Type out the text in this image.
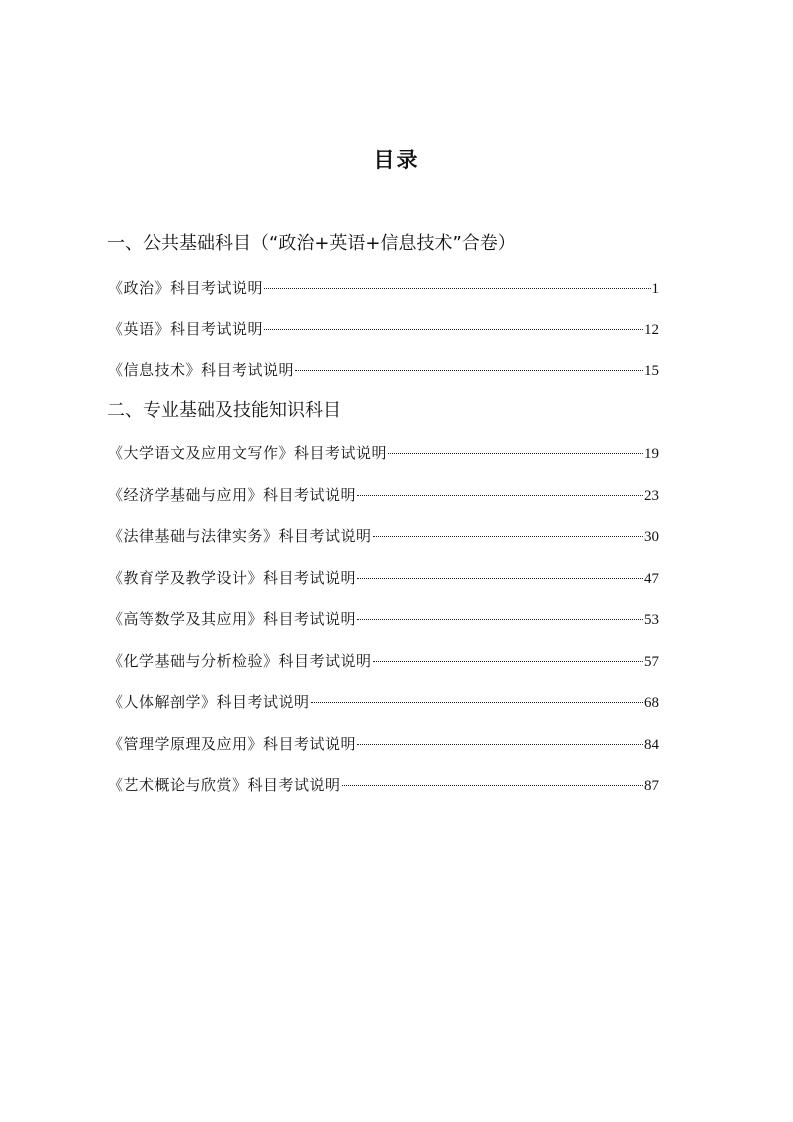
目录
一、公共基础科目（“政治+英语+信息技术”合卷）
《政治》科目考试说明	1
《英语》科目考试说明	12
《信息技术》科目考试说明	15
二、专业基础及技能知识科目
《大学语文及应用文写作》科目考试说明	19
《经济学基础与应用》科目考试说明	23
《法律基础与法律实务》科目考试说明	30
《教育学及教学设计》科目考试说明	47
《高等数学及其应用》科目考试说明	53
《化学基础与分析检验》科目考试说明	57
《人体解剖学》科目考试说明	68
《管理学原理及应用》科目考试说明	84
《艺术概论与欣赏》科目考试说明	87
